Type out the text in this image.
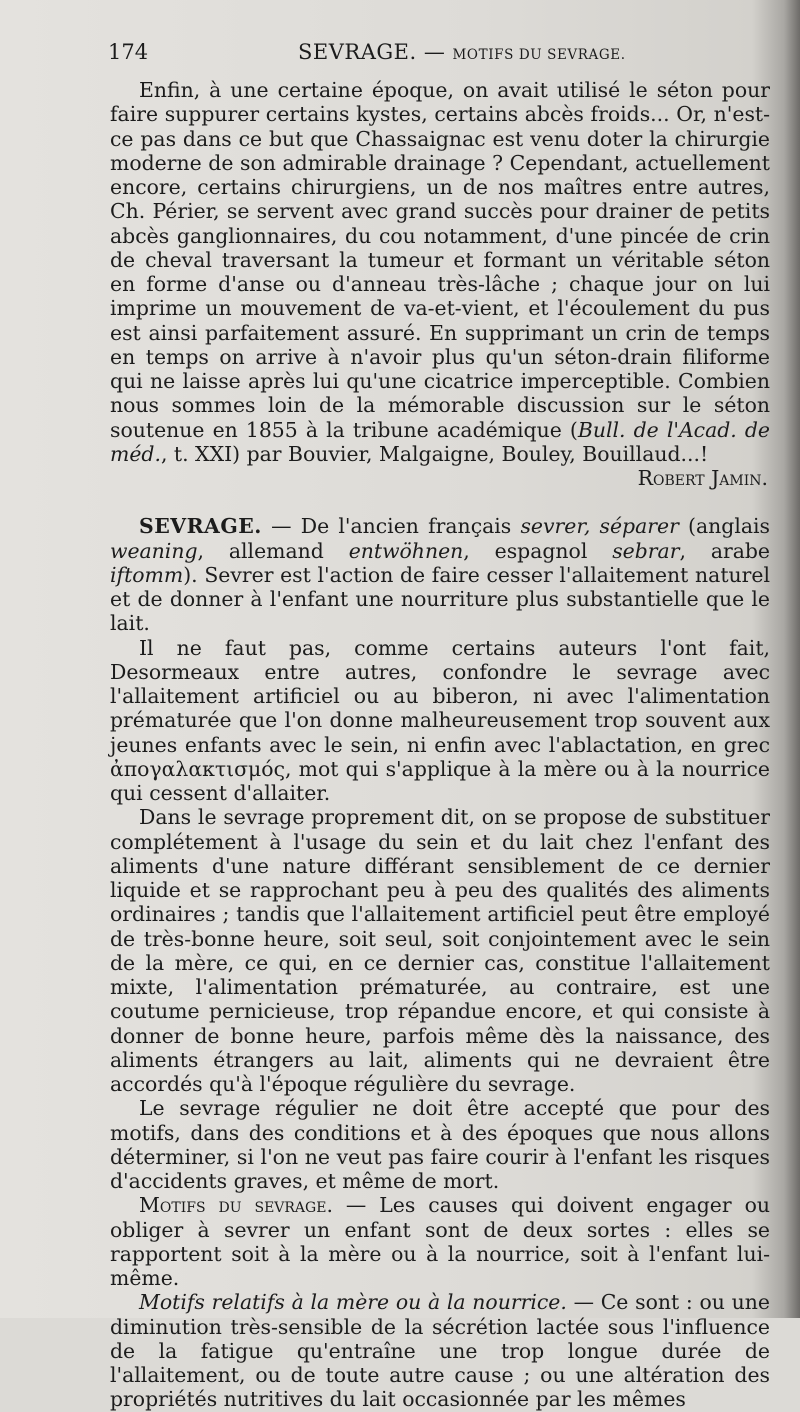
174	SEVRAGE. — MOTIFS DU SEVRAGE.

Enfin, à une certaine époque, on avait utilisé le séton pour faire suppurer certains kystes, certains abcès froids... Or, n'est-ce pas dans ce but que Chassaignac est venu doter la chirurgie moderne de son admirable drainage ? Cependant, actuellement encore, certains chirurgiens, un de nos maîtres entre autres, Ch. Périer, se servent avec grand succès pour drainer de petits abcès ganglionnaires, du cou notamment, d'une pincée de crin de cheval traversant la tumeur et formant un véritable séton en forme d'anse ou d'anneau très-lâche ; chaque jour on lui imprime un mouvement de va-et-vient, et l'écoulement du pus est ainsi parfaitement assuré. En supprimant un crin de temps en temps on arrive à n'avoir plus qu'un séton-drain filiforme qui ne laisse après lui qu'une cicatrice imperceptible. Combien nous sommes loin de la mémorable discussion sur le séton soutenue en 1855 à la tribune académique (Bull. de l'Acad. de méd., t. XXI) par Bouvier, Malgaigne, Bouley, Bouillaud...!

Robert Jamin.

SEVRAGE. — De l'ancien français sevrer, séparer (anglais weaning, allemand entwöhnen, espagnol sebrar, arabe iftomm). Sevrer est l'action de faire cesser l'allaitement naturel et de donner à l'enfant une nourriture plus substantielle que le lait.

Il ne faut pas, comme certains auteurs l'ont fait, Desormeaux entre autres, confondre le sevrage avec l'allaitement artificiel ou au biberon, ni avec l'alimentation prématurée que l'on donne malheureusement trop souvent aux jeunes enfants avec le sein, ni enfin avec l'ablactation, en grec ἀπογαλακτισμός, mot qui s'applique à la mère ou à la nourrice qui cessent d'allaiter.

Dans le sevrage proprement dit, on se propose de substituer complétement à l'usage du sein et du lait chez l'enfant des aliments d'une nature différant sensiblement de ce dernier liquide et se rapprochant peu à peu des qualités des aliments ordinaires ; tandis que l'allaitement artificiel peut être employé de très-bonne heure, soit seul, soit conjointement avec le sein de la mère, ce qui, en ce dernier cas, constitue l'allaitement mixte, l'alimentation prématurée, au contraire, est une coutume pernicieuse, trop répandue encore, et qui consiste à donner de bonne heure, parfois même dès la naissance, des aliments étrangers au lait, aliments qui ne devraient être accordés qu'à l'époque régulière du sevrage.

Le sevrage régulier ne doit être accepté que pour des motifs, dans des conditions et à des époques que nous allons déterminer, si l'on ne veut pas faire courir à l'enfant les risques d'accidents graves, et même de mort.

Motifs du sevrage. — Les causes qui doivent engager ou obliger à sevrer un enfant sont de deux sortes : elles se rapportent soit à la mère ou à la nourrice, soit à l'enfant lui-même.

Motifs relatifs à la mère ou à la nourrice. — Ce sont : ou une diminution très-sensible de la sécrétion lactée sous l'influence de la fatigue qu'entraîne une trop longue durée de l'allaitement, ou de toute autre cause ; ou une altération des propriétés nutritives du lait occasionnée par les mêmes
